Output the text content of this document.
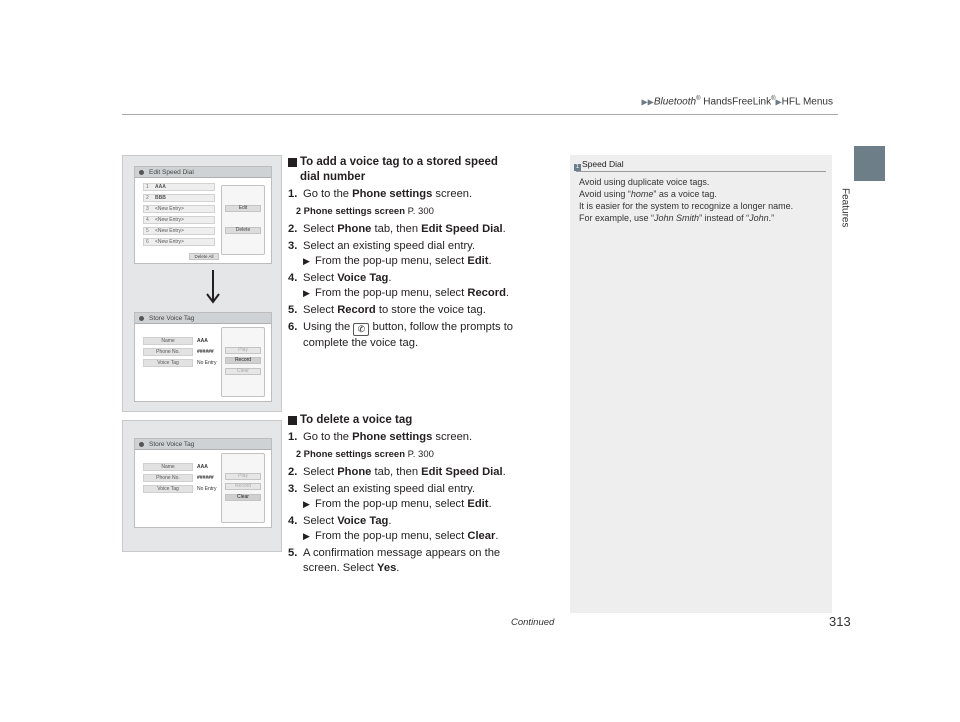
▶▶Bluetooth® HandsFreeLink®▶HFL Menus
Features
Edit Speed Dial
1 AAA
2 BBB
3 <New Entry>
4 <New Entry>
5 <New Entry>
6 <New Entry>
Edit
Delete
Delete All
Store Voice Tag
Name
Phone No.
Voice Tag
AAA
######
No Entry
Play
Record
Clear
Store Voice Tag
Name
Phone No.
Voice Tag
AAA
######
No Entry
Play
Record
Clear
To add a voice tag to a stored speed
dial number
1. Go to the Phone settings screen.
2 Phone settings screen P. 300
2. Select Phone tab, then Edit Speed Dial.
3. Select an existing speed dial entry.
▶ From the pop-up menu, select Edit.
4. Select Voice Tag.
▶ From the pop-up menu, select Record.
5. Select Record to store the voice tag.
6. Using the ✆ button, follow the prompts to
complete the voice tag.
To delete a voice tag
1. Go to the Phone settings screen.
2 Phone settings screen P. 300
2. Select Phone tab, then Edit Speed Dial.
3. Select an existing speed dial entry.
▶ From the pop-up menu, select Edit.
4. Select Voice Tag.
▶ From the pop-up menu, select Clear.
5. A confirmation message appears on the
screen. Select Yes.
1 Speed Dial
Avoid using duplicate voice tags.
Avoid using “home” as a voice tag.
It is easier for the system to recognize a longer name.
For example, use “John Smith” instead of “John.”
Continued	313
